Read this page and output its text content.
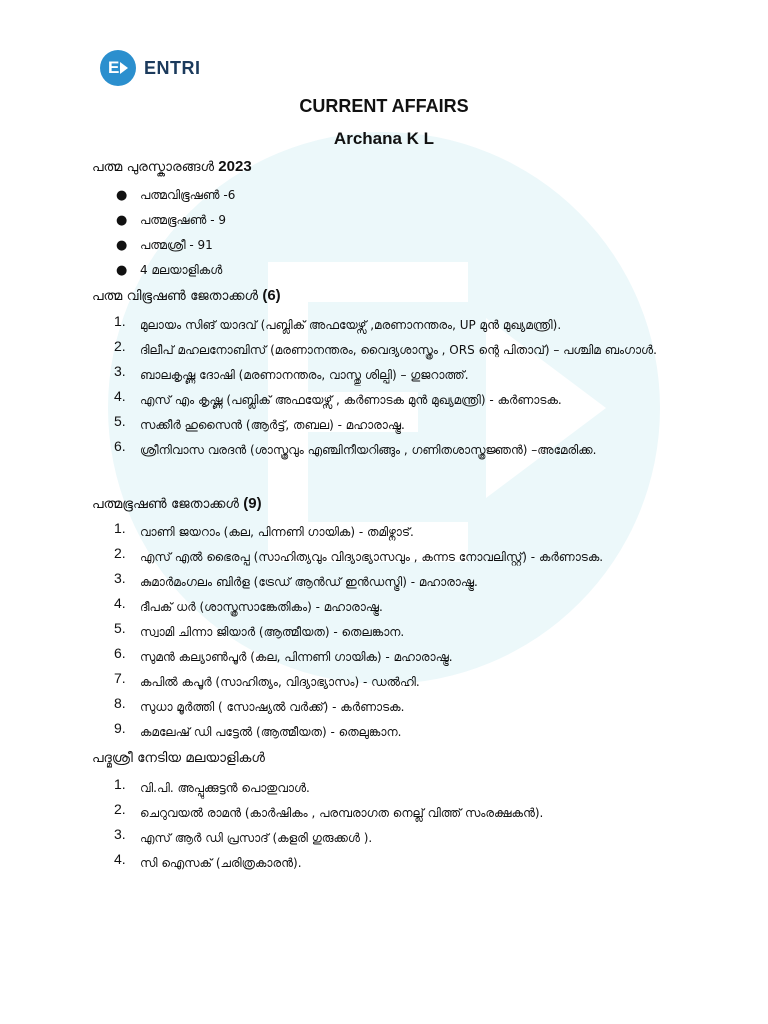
E ENTRI
CURRENT AFFAIRS
Archana K L
പത്മ പുരസ്കാരങ്ങൾ 2023
● പത്മവിഭൂഷൺ -6
● പത്മഭൂഷൺ - 9
● പത്മശ്രീ - 91
● 4 മലയാളികൾ
പത്മ വിഭൂഷൺ ജേതാക്കൾ (6)
1. മുലായം സിങ് യാദവ് (പബ്ലിക് അഫയേഴ്സ് ,മരണാനന്തരം, UP മുൻ മുഖ്യമന്ത്രി).
2. ദിലീപ് മഹലനോബിസ് (മരണാനന്തരം, വൈദ്യശാസ്ത്രം , ORS ന്റെ പിതാവ്) – പശ്ചിമ ബംഗാൾ.
3. ബാലകൃഷ്ണ ദോഷി (മരണാനന്തരം, വാസ്തു ശില്പി) – ഗുജറാത്ത്.
4. എസ് എം കൃഷ്ണ (പബ്ലിക് അഫയേഴ്സ് , കർണാടക മുൻ മുഖ്യമന്ത്രി) - കർണാടക.
5. സക്കീർ ഹുസൈൻ (ആർട്ട്, തബല) - മഹാരാഷ്ട്ര.
6. ശ്രീനിവാസ വരദൻ (ശാസ്ത്രവും എഞ്ചിനീയറിങ്ങും , ഗണിതശാസ്ത്രജ്ഞൻ) –അമേരിക്ക.
പത്മഭൂഷൺ ജേതാക്കൾ (9)
1. വാണി ജയറാം (കല, പിന്നണി ഗായിക) - തമിഴ്നാട്.
2. എസ് എൽ ഭൈരപ്പ (സാഹിത്യവും വിദ്യാഭ്യാസവും , കന്നട നോവലിസ്റ്റ്) - കർണാടക.
3. കുമാർമംഗലം ബിർള (ട്രേഡ് ആൻഡ് ഇൻഡസ്ട്രി) - മഹാരാഷ്ട്ര.
4. ദീപക് ധർ (ശാസ്ത്രസാങ്കേതികം) - മഹാരാഷ്ട്ര.
5. സ്വാമി ചിന്നാ ജിയാർ (ആത്മീയത) - തെലങ്കാന.
6. സുമൻ കല്യാൺപൂർ (കല, പിന്നണി ഗായിക) - മഹാരാഷ്ട്ര.
7. കപിൽ കപൂർ (സാഹിത്യം, വിദ്യാഭ്യാസം) - ഡൽഹി.
8. സുധാ മൂർത്തി ( സോഷ്യൽ വർക്ക്) - കർണാടക.
9. കമലേഷ് ഡി പട്ടേൽ (ആത്മീയത) - തെലുങ്കാന.
പദ്മശ്രീ നേടിയ മലയാളികൾ
1. വി.പി. അപ്പുക്കുട്ടൻ പൊതുവാൾ.
2. ചെറുവയൽ രാമൻ (കാർഷികം , പരമ്പരാഗത നെല്ല് വിത്ത് സംരക്ഷകൻ).
3. എസ് ആർ ഡി പ്രസാദ് (കളരി ഗുരുക്കൾ ).
4. സി ഐസക് (ചരിത്രകാരൻ).
